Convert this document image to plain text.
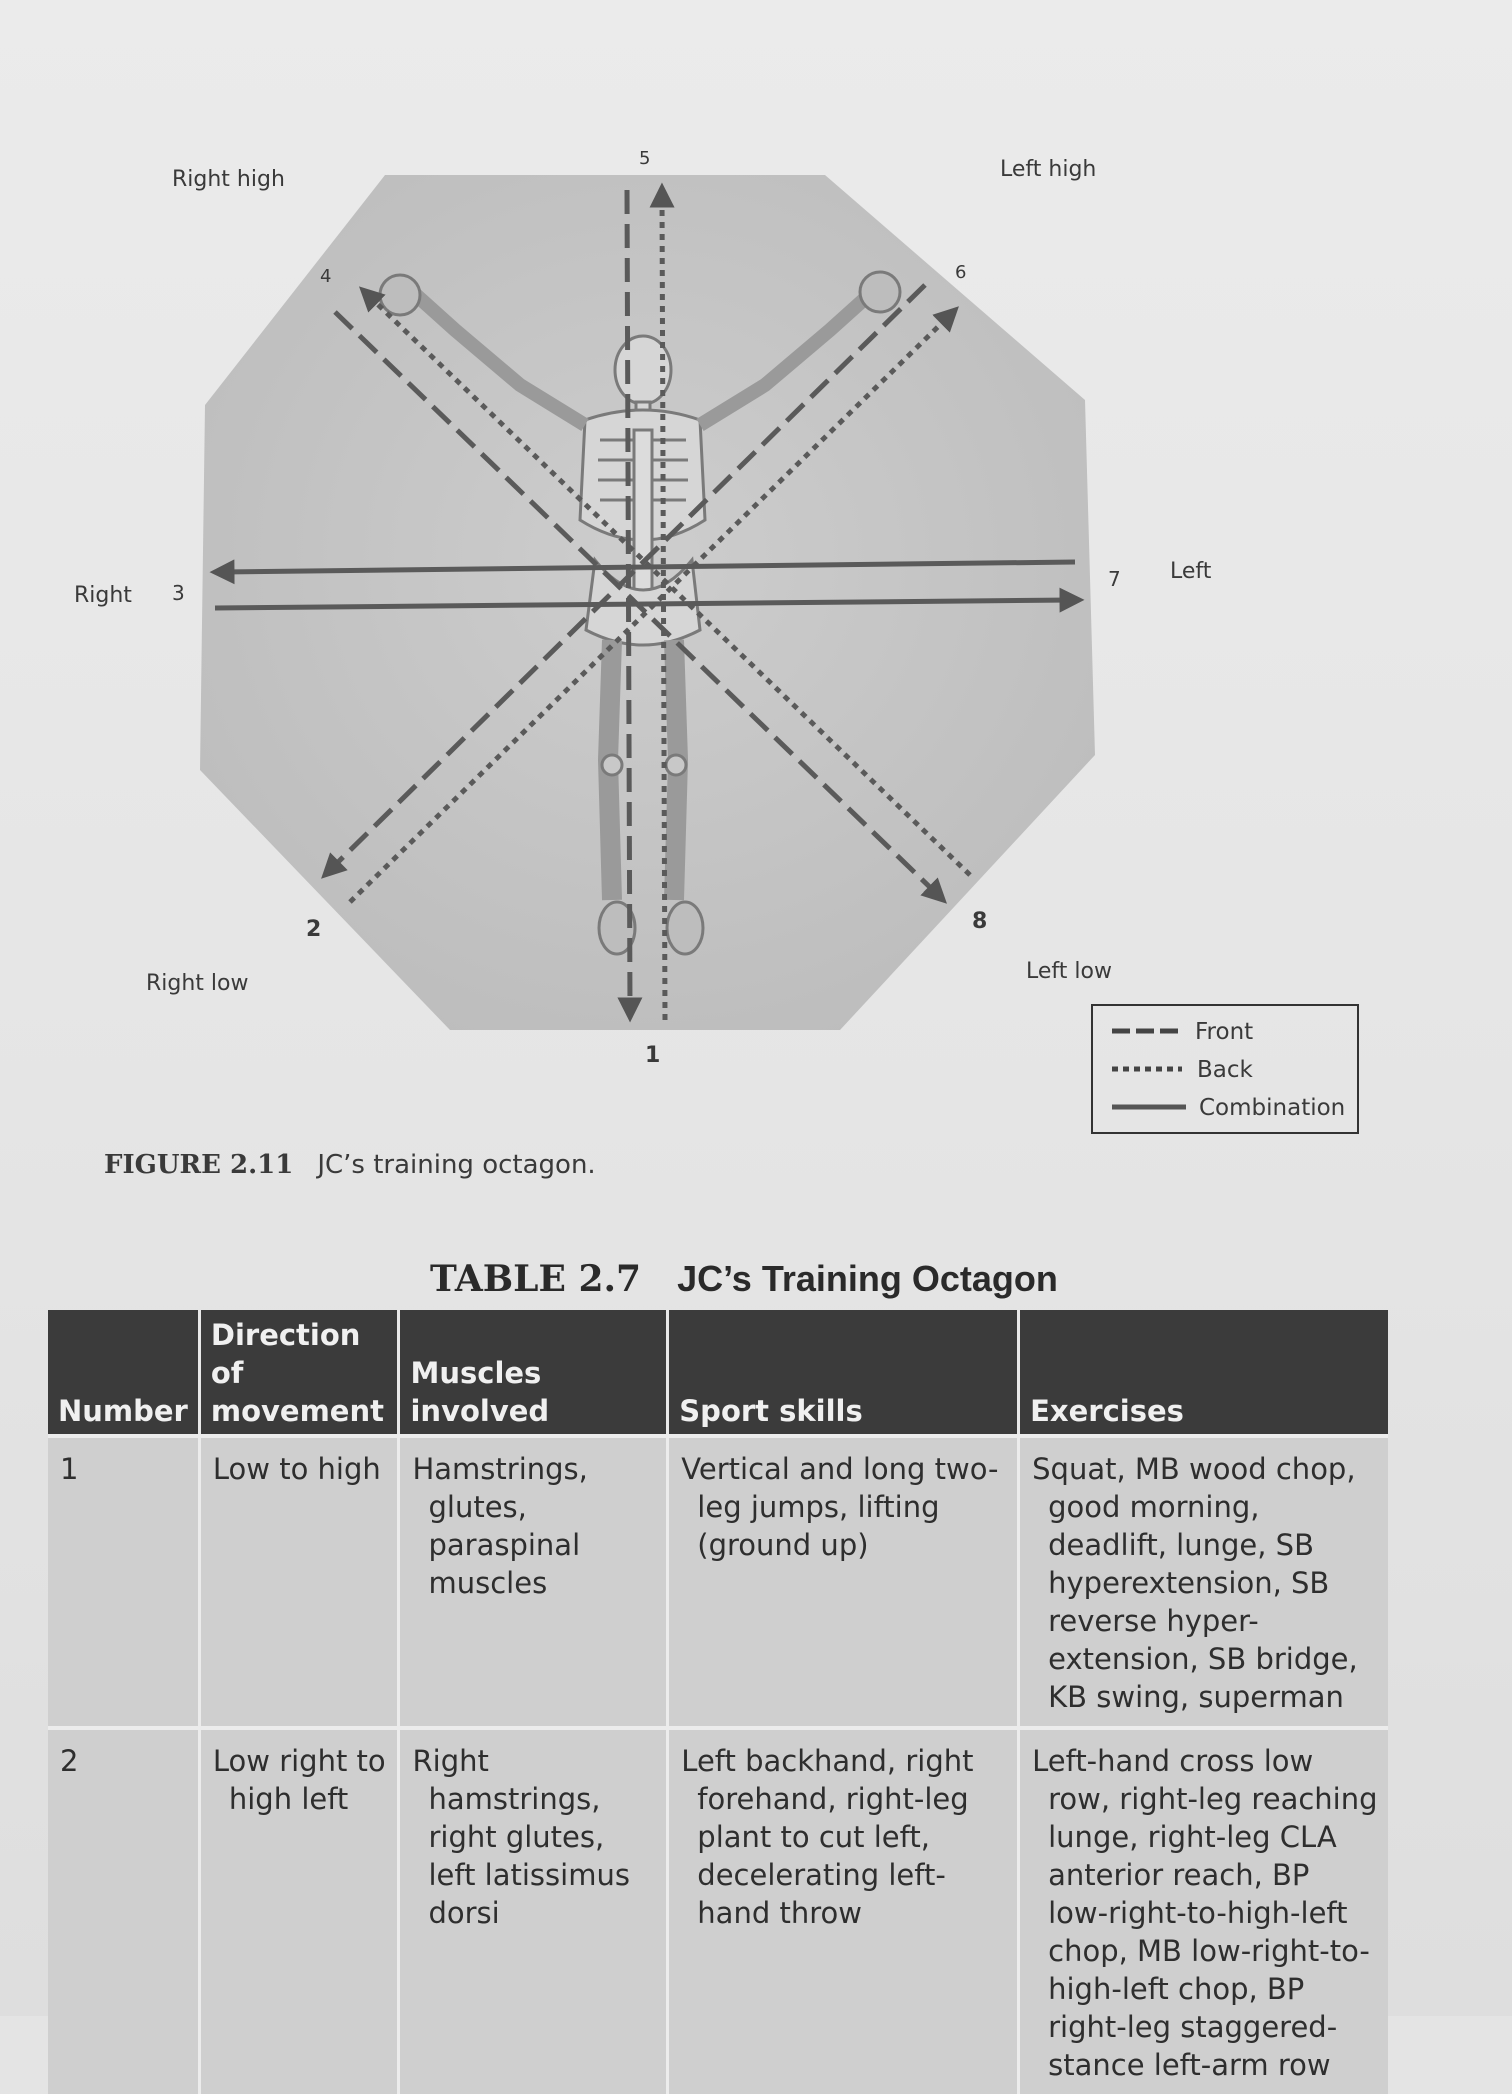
Right high	Left high
Right
Left
Right low	Left low
1
2
3
4
5
6
7
8
Front
Back
Combination
FIGURE 2.11 JC’s training octagon.
TABLE 2.7 JC’s Training Octagon
Number	Direction of movement	Muscles involved	Sport skills	Exercises
1	Low to high	Hamstrings, glutes, paraspinal muscles	Vertical and long two-leg jumps, lifting (ground up)	Squat, MB wood chop, good morning, deadlift, lunge, SB hyperextension, SB reverse hyper-extension, SB bridge, KB swing, superman
2	Low right to high left	Right hamstrings, right glutes, left latissimus dorsi	Left backhand, right forehand, right-leg plant to cut left, decelerating left-hand throw	Left-hand cross low row, right-leg reaching lunge, right-leg CLA anterior reach, BP low-right-to-high-left chop, MB low-right-to-high-left chop, BP right-leg staggered-stance left-arm row
